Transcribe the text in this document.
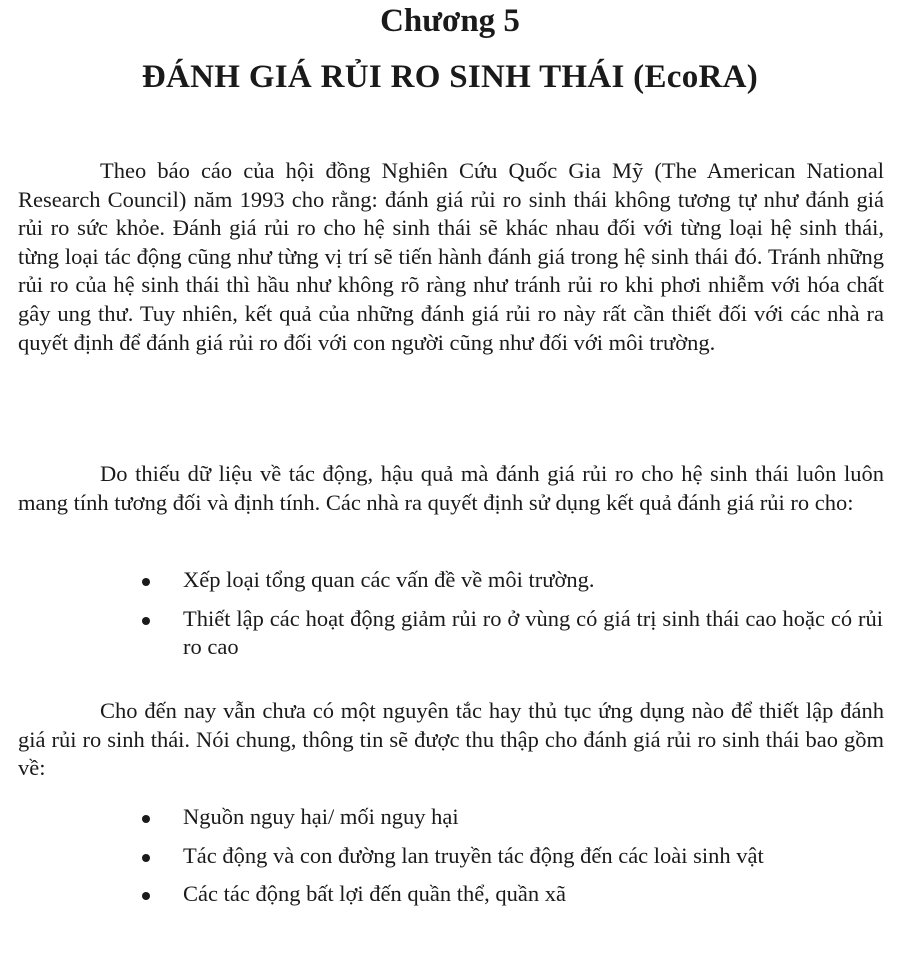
Chương 5
ĐÁNH GIÁ RỦI RO SINH THÁI (EcoRA)

Theo báo cáo của hội đồng Nghiên Cứu Quốc Gia Mỹ (The American National Research Council) năm 1993 cho rằng: đánh giá rủi ro sinh thái không tương tự như đánh giá rủi ro sức khỏe. Đánh giá rủi ro cho hệ sinh thái sẽ khác nhau đối với từng loại hệ sinh thái, từng loại tác động cũng như từng vị trí sẽ tiến hành đánh giá trong hệ sinh thái đó. Tránh những rủi ro của hệ sinh thái thì hầu như không rõ ràng như tránh rủi ro khi phơi nhiễm với hóa chất gây ung thư. Tuy nhiên, kết quả của những đánh giá rủi ro này rất cần thiết đối với các nhà ra quyết định để đánh giá rủi ro đối với con người cũng như đối với môi trường.

Do thiếu dữ liệu về tác động, hậu quả mà đánh giá rủi ro cho hệ sinh thái luôn luôn mang tính tương đối và định tính. Các nhà ra quyết định sử dụng kết quả đánh giá rủi ro cho:

Xếp loại tổng quan các vấn đề về môi trường.
Thiết lập các hoạt động giảm rủi ro ở vùng có giá trị sinh thái cao hoặc có rủi ro cao

Cho đến nay vẫn chưa có một nguyên tắc hay thủ tục ứng dụng nào để thiết lập đánh giá rủi ro sinh thái. Nói chung, thông tin sẽ được thu thập cho đánh giá rủi ro sinh thái bao gồm về:

Nguồn nguy hại/ mối nguy hại
Tác động và con đường lan truyền tác động đến các loài sinh vật
Các tác động bất lợi đến quần thể, quần xã
